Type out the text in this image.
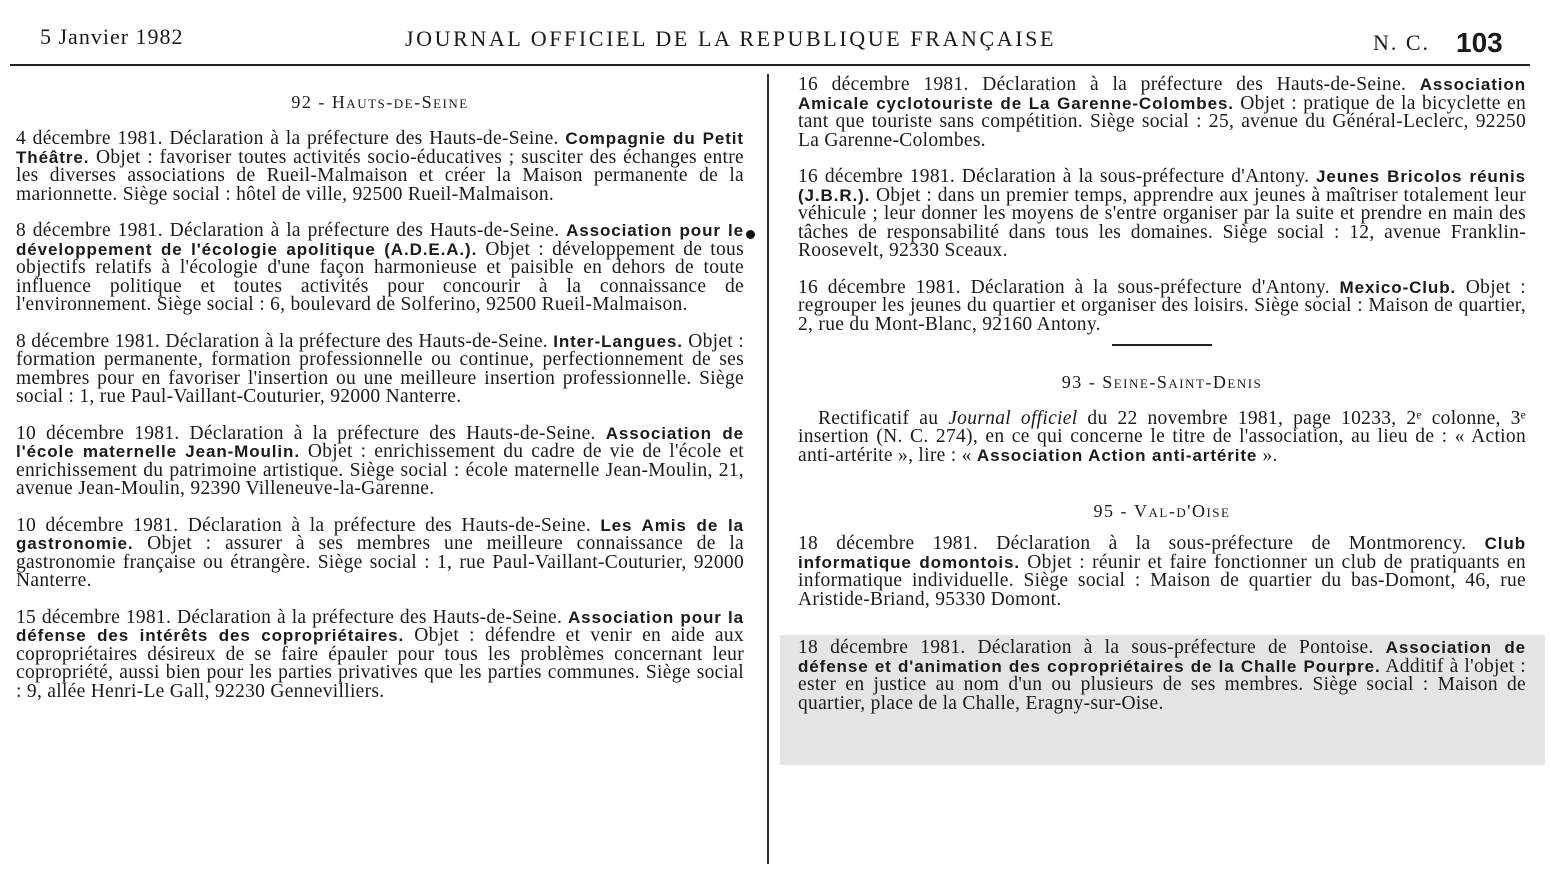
5 Janvier 1982	JOURNAL OFFICIEL DE LA REPUBLIQUE FRANÇAISE	N. C. 103
92 - Hauts-de-Seine

4 décembre 1981. Déclaration à la préfecture des Hauts-de-Seine. Compagnie du Petit Théâtre. Objet : favoriser toutes activités socio-éducatives ; susciter des échanges entre les diverses associations de Rueil-Malmaison et créer la Maison permanente de la marionnette. Siège social : hôtel de ville, 92500 Rueil-Malmaison.

8 décembre 1981. Déclaration à la préfecture des Hauts-de-Seine. Association pour le développement de l'écologie apolitique (A.D.E.A.). Objet : développement de tous objectifs relatifs à l'écologie d'une façon harmonieuse et paisible en dehors de toute influence politique et toutes activités pour concourir à la connaissance de l'environnement. Siège social : 6, boulevard de Solferino, 92500 Rueil-Malmaison.

8 décembre 1981. Déclaration à la préfecture des Hauts-de-Seine. Inter-Langues. Objet : formation permanente, formation professionnelle ou continue, perfectionnement de ses membres pour en favoriser l'insertion ou une meilleure insertion professionnelle. Siège social : 1, rue Paul-Vaillant-Couturier, 92000 Nanterre.

10 décembre 1981. Déclaration à la préfecture des Hauts-de-Seine. Association de l'école maternelle Jean-Moulin. Objet : enrichissement du cadre de vie de l'école et enrichissement du patrimoine artistique. Siège social : école maternelle Jean-Moulin, 21, avenue Jean-Moulin, 92390 Villeneuve-la-Garenne.

10 décembre 1981. Déclaration à la préfecture des Hauts-de-Seine. Les Amis de la gastronomie. Objet : assurer à ses membres une meilleure connaissance de la gastronomie française ou étrangère. Siège social : 1, rue Paul-Vaillant-Couturier, 92000 Nanterre.

15 décembre 1981. Déclaration à la préfecture des Hauts-de-Seine. Association pour la défense des intérêts des copropriétaires. Objet : défendre et venir en aide aux copropriétaires désireux de se faire épauler pour tous les problèmes concernant leur copropriété, aussi bien pour les parties privatives que les parties communes. Siège social : 9, allée Henri-Le Gall, 92230 Gennevilliers.

16 décembre 1981. Déclaration à la préfecture des Hauts-de-Seine. Association Amicale cyclotouriste de La Garenne-Colombes. Objet : pratique de la bicyclette en tant que touriste sans compétition. Siège social : 25, avenue du Général-Leclerc, 92250 La Garenne-Colombes.

16 décembre 1981. Déclaration à la sous-préfecture d'Antony. Jeunes Bricolos réunis (J.B.R.). Objet : dans un premier temps, apprendre aux jeunes à maîtriser totalement leur véhicule ; leur donner les moyens de s'entre organiser par la suite et prendre en main des tâches de responsabilité dans tous les domaines. Siège social : 12, avenue Franklin-Roosevelt, 92330 Sceaux.

16 décembre 1981. Déclaration à la sous-préfecture d'Antony. Mexico-Club. Objet : regrouper les jeunes du quartier et organiser des loisirs. Siège social : Maison de quartier, 2, rue du Mont-Blanc, 92160 Antony.

93 - Seine-Saint-Denis

Rectificatif au Journal officiel du 22 novembre 1981, page 10233, 2ᵉ colonne, 3ᵉ insertion (N. C. 274), en ce qui concerne le titre de l'association, au lieu de : « Action anti-artérite », lire : « Association Action anti-artérite ».

95 - Val-d'Oise

18 décembre 1981. Déclaration à la sous-préfecture de Montmorency. Club informatique domontois. Objet : réunir et faire fonctionner un club de pratiquants en informatique individuelle. Siège social : Maison de quartier du bas-Domont, 46, rue Aristide-Briand, 95330 Domont.

18 décembre 1981. Déclaration à la sous-préfecture de Pontoise. Association de défense et d'animation des copropriétaires de la Challe Pourpre. Additif à l'objet : ester en justice au nom d'un ou plusieurs de ses membres. Siège social : Maison de quartier, place de la Challe, Eragny-sur-Oise.
